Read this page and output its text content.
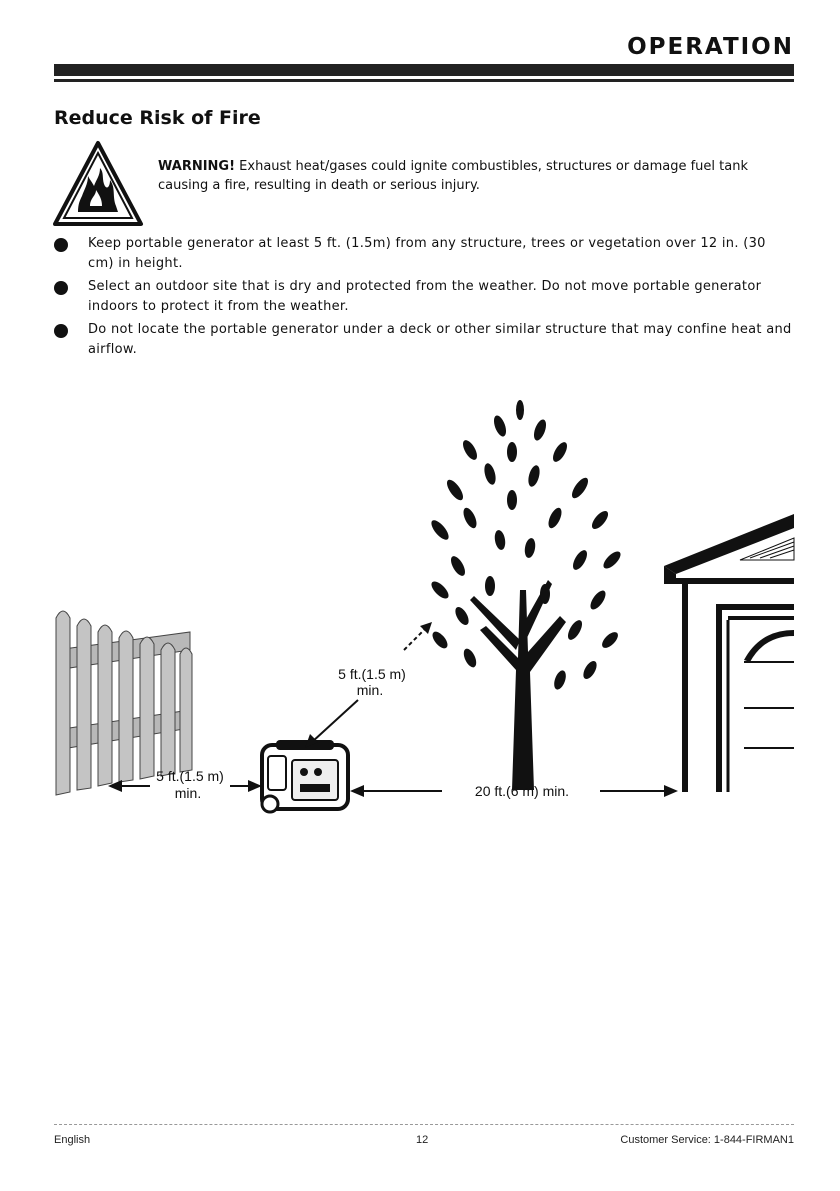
OPERATION
Reduce Risk of Fire
WARNING! Exhaust heat/gases could ignite combustibles, structures or damage fuel tank causing a fire, resulting in death or serious injury.
Keep portable generator at least 5 ft. (1.5m) from any structure, trees or vegetation over 12 in. (30 cm) in height.
Select an outdoor site that is dry and protected from the weather. Do not move portable generator indoors to protect it from the weather.
Do not locate the portable generator under a deck or other similar structure that may confine heat and airflow.
5 ft.(1.5 m)
min.
5 ft.(1.5 m)
min.	20 ft.(6 m) min.
English	12	Customer Service: 1-844-FIRMAN1
